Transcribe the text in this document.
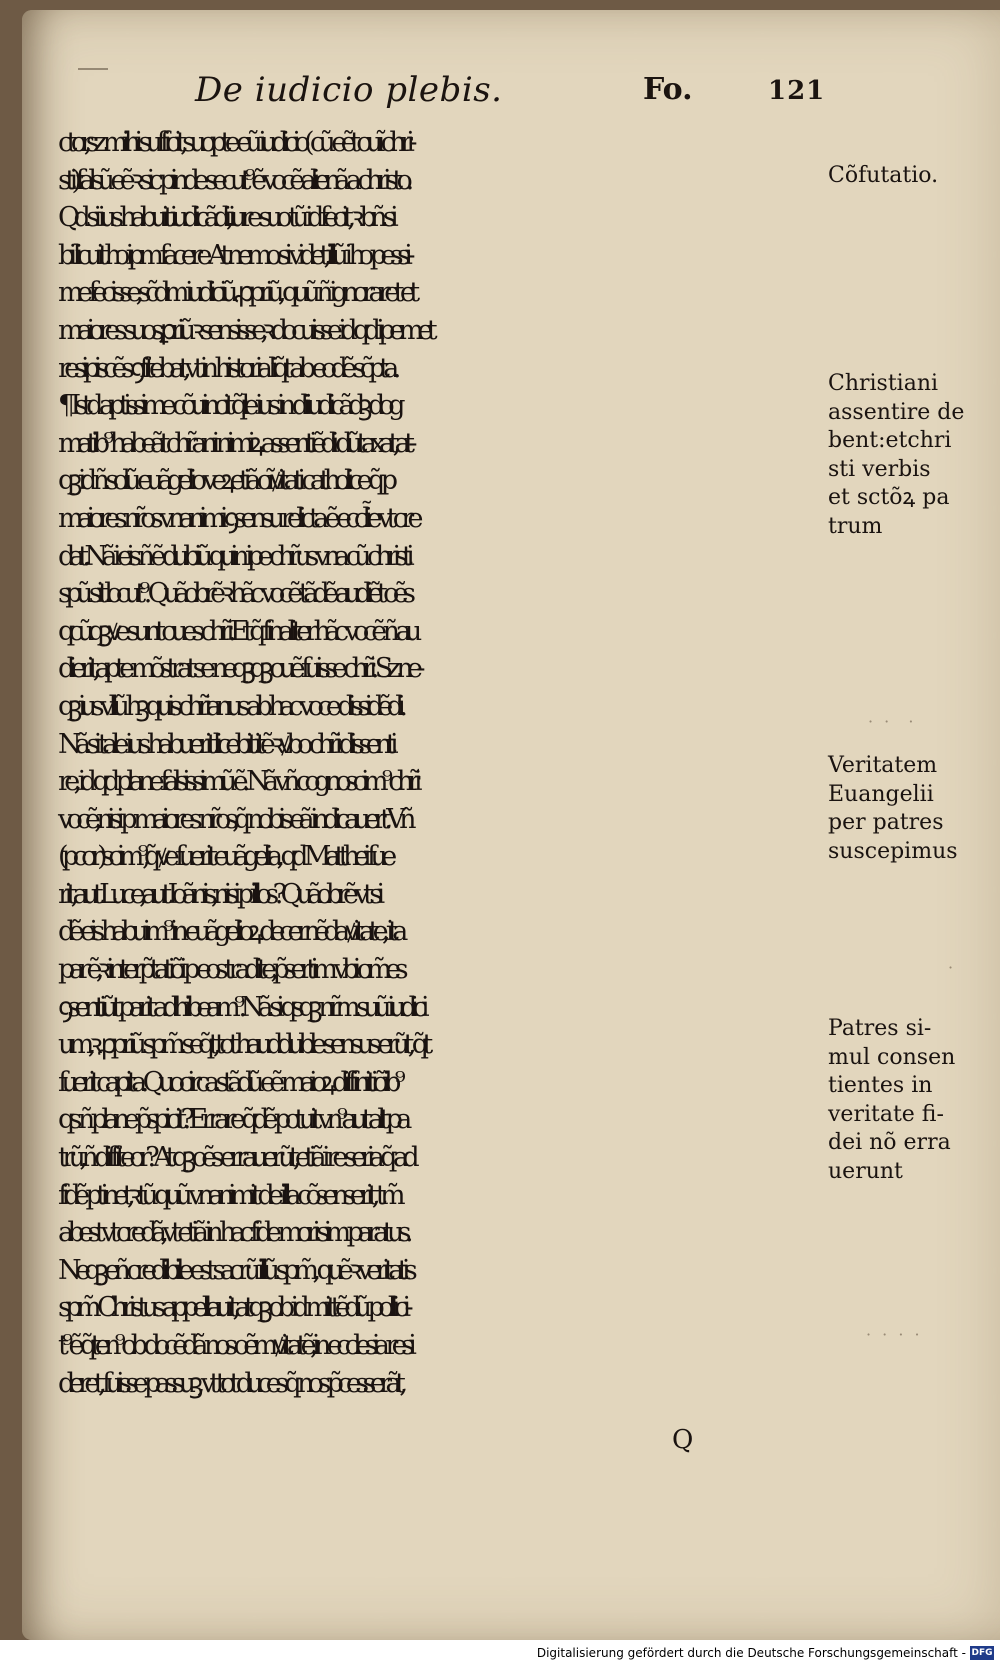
De iudicio plebis.	Fo.	121
ctor,sz mihi sufficit,suopte eũ iudicio( cũ eẽt ouĩ chri-
sti)falsũ eẽ ꝛ sic pinde secut⁹ ẽ vocẽ alienã a christo.
Qd si ius habuit iudicãdi,iure suo tũ id fecit, ꝛ bñ si
bi licuit hↄ ipm facere At nemo si videt,illũ i hↄ pessi-
me fecisse,sc̃dm iudiciũ ꝓpriũ, quũ ñ ignoraret et
maiores suos,ꝑriũ ꝛ sensisse,ꝛ docuisse id qd ipemet
resipiscẽs ꝯfitebat,vt in historia liq̃t ab eodẽ sc̃pta.
¶ Istd aptissime cõuincit q̃le ius in diiudicãdꝫ dog
matib⁹ habeãt chr̃ani nimiꝝ assentiẽdi dũtaxat,at-
qꝫ id ñ solũ euãgelio veꝝetiã oĩ ꝟitati catholice q̃ p
maiores nr̃os vnanimi ꝯsensu relicta ẽ eccl̃ie vt cre
dat.Nã i eis ñ ẽ dubiũ quin ipe chr̃us vna cũ christi
spũ sit locut⁹. Quãobrẽ ꝛ hãc vocẽ tãdẽ audiẽt oẽs
qcũqꝫ ꝟe sunt oues chr̃i.Et q̃ finaliter hãc vocẽ ñ au
dierit,apte mõstrat se neqꝫqꝫ ouẽ fuisse chr̃i. Sz ne-
qꝫ ius vllũ hꝫ quis chr̃ianus ab hac voce dissidẽdi.
Nã si tale ius habuerit licebit itẽ ꝛ ꝟbo chr̃i dissenti
re, id qd plane falsissimũ ẽ. Nã vñ cognoscim⁹ chr̃i
vocẽ,nisi p maiores nr̃os,q̃ nobis eã indicauert.Vñ
(pcor)scim⁹,q̃ ꝟe fuerit euãgelia, qd Matthei fue
rit,aut Luce,aut Ioãnis,nisi p illos?Quãobrẽ vt si
dẽ eis habuim⁹ in euãgelioꝝ decernẽda ꝟitate, ita
par ẽ,ꝛ interp̃tatiõi p eos tradite,p̃sertim vbi om̃es
ꝯsentiũt parit adhibeam⁹.Nã si qsqꝫ nr̃m suũ iudici
um,ꝛ ꝓpriũ spm̃ seq̃t,tot haudduble sensus erũt, q̃t
fuerit capita.Quocirca stãdũ eẽ maioꝝ diffinitiõib⁹
qs ñ plane p̃spicit?Errare q̃dẽ potuit vn⁹aut alt pa
trũ,ñ diffiteor?At qꝫ oẽs errauerũt,etiã i re seria q̃ ad
fidẽ ptinet,ꝛ tũ quũ vnanimit de illa cõsenserit, tm̃
abest vt credã,vt etiã in hac fide mori sim paratus.
Neqꝫ eñ credibile est sacrũ illũ spm̃, quẽ ꝛ veritatis
spm̃ Christus appellauit,atqꝫ ob id mittẽdũ pollici-
t⁹ ẽ q̃ten⁹ ob docẽdã nos oẽm ꝟitatẽ,in ecclesia resi
deret, fuisse passuꝫ, vt tot duces q̃ nos p̃cesserãt,
Cõfutatio.
Christiani
assentire de
bent:etchri
sti verbis
et sctõꝝ pa
trum
Veritatem
Euangelii
per patres
suscepimus
Patres si-
mul consen
tientes in
veritate fi-
dei nõ erra
uerunt
Q
· ·  ·
·
· · · ·
Digitalisierung gefördert durch die Deutsche Forschungsgemeinschaft - DFG
